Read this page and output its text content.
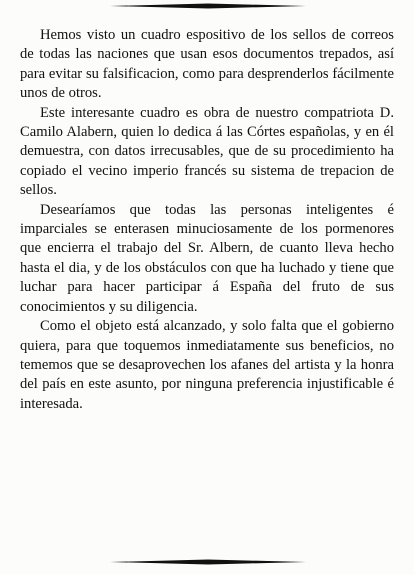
Hemos visto un cuadro espositivo de los sellos de correos de todas las naciones que usan esos documentos trepados, así para evitar su falsificacion, como para desprenderlos fácilmente unos de otros.

Este interesante cuadro es obra de nuestro compatriota D. Camilo Alabern, quien lo dedica á las Córtes españolas, y en él demuestra, con datos irrecusables, que de su procedimiento ha copiado el vecino imperio francés su sistema de trepacion de sellos.

Desearíamos que todas las personas inteligentes é imparciales se enterasen minuciosamente de los pormenores que encierra el trabajo del Sr. Albern, de cuanto lleva hecho hasta el dia, y de los obstáculos con que ha luchado y tiene que luchar para hacer participar á España del fruto de sus conocimientos y su diligencia.

Como el objeto está alcanzado, y solo falta que el gobierno quiera, para que toquemos inmediatamente sus beneficios, no tememos que se desaprovechen los afanes del artista y la honra del país en este asunto, por ninguna preferencia injustificable é interesada.
